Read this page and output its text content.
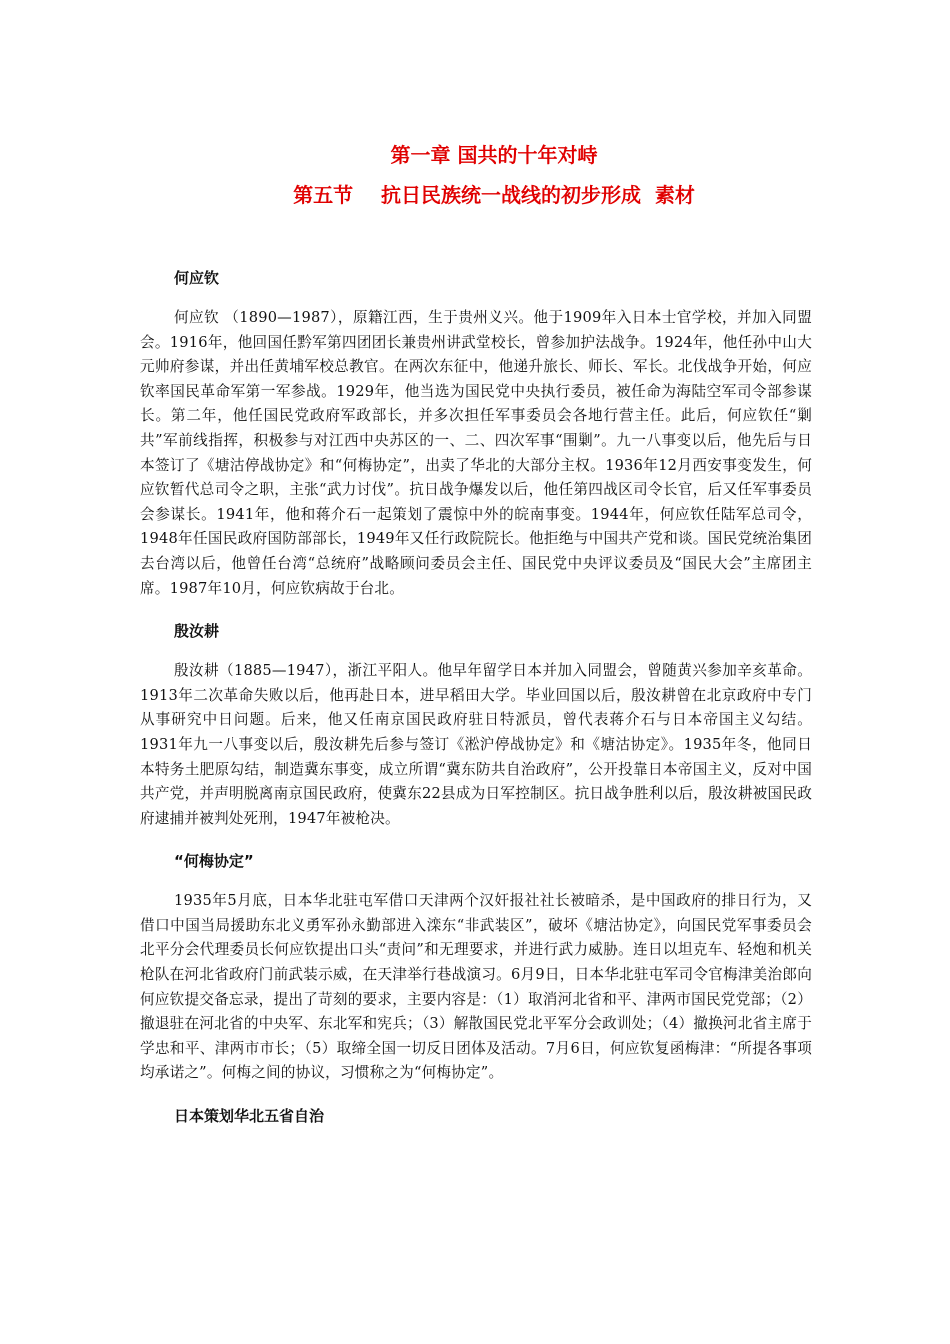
第一章 国共的十年对峙
第五节    抗日民族统一战线的初步形成  素材
何应钦

何应钦 （1890—1987），原籍江西，生于贵州义兴。他于1909年入日本士官学校，并加入同盟会。1916年，他回国任黔军第四团团长兼贵州讲武堂校长，曾参加护法战争。1924年，他任孙中山大元帅府参谋，并出任黄埔军校总教官。在两次东征中，他递升旅长、师长、军长。北伐战争开始，何应钦率国民革命军第一军参战。1929年，他当选为国民党中央执行委员，被任命为海陆空军司令部参谋长。第二年，他任国民党政府军政部长，并多次担任军事委员会各地行营主任。此后，何应钦任“剿共”军前线指挥，积极参与对江西中央苏区的一、二、四次军事“围剿”。九一八事变以后，他先后与日本签订了《塘沽停战协定》和“何梅协定”，出卖了华北的大部分主权。1936年12月西安事变发生，何应钦暂代总司令之职，主张“武力讨伐”。抗日战争爆发以后，他任第四战区司令长官，后又任军事委员会参谋长。1941年，他和蒋介石一起策划了震惊中外的皖南事变。1944年，何应钦任陆军总司令，1948年任国民政府国防部部长，1949年又任行政院院长。他拒绝与中国共产党和谈。国民党统治集团去台湾以后，他曾任台湾“总统府”战略顾问委员会主任、国民党中央评议委员及“国民大会”主席团主席。1987年10月，何应钦病故于台北。

殷汝耕

殷汝耕（1885—1947），浙江平阳人。他早年留学日本并加入同盟会，曾随黄兴参加辛亥革命。1913年二次革命失败以后，他再赴日本，进早稻田大学。毕业回国以后，殷汝耕曾在北京政府中专门从事研究中日问题。后来，他又任南京国民政府驻日特派员，曾代表蒋介石与日本帝国主义勾结。1931年九一八事变以后，殷汝耕先后参与签订《淞沪停战协定》和《塘沽协定》。1935年冬，他同日本特务土肥原勾结，制造冀东事变，成立所谓“冀东防共自治政府”，公开投靠日本帝国主义，反对中国共产党，并声明脱离南京国民政府，使冀东22县成为日军控制区。抗日战争胜利以后，殷汝耕被国民政府逮捕并被判处死刑，1947年被枪决。

“何梅协定”

1935年5月底，日本华北驻屯军借口天津两个汉奸报社社长被暗杀，是中国政府的排日行为，又借口中国当局援助东北义勇军孙永勤部进入滦东“非武装区”，破坏《塘沽协定》，向国民党军事委员会北平分会代理委员长何应钦提出口头“责问”和无理要求，并进行武力威胁。连日以坦克车、轻炮和机关枪队在河北省政府门前武装示威，在天津举行巷战演习。6月9日，日本华北驻屯军司令官梅津美治郎向何应钦提交备忘录，提出了苛刻的要求，主要内容是：（1）取消河北省和平、津两市国民党党部；（2）撤退驻在河北省的中央军、东北军和宪兵；（3）解散国民党北平军分会政训处；（4）撤换河北省主席于学忠和平、津两市市长；（5）取缔全国一切反日团体及活动。7月6日，何应钦复函梅津：“所提各事项均承诺之”。何梅之间的协议，习惯称之为“何梅协定”。

日本策划华北五省自治
